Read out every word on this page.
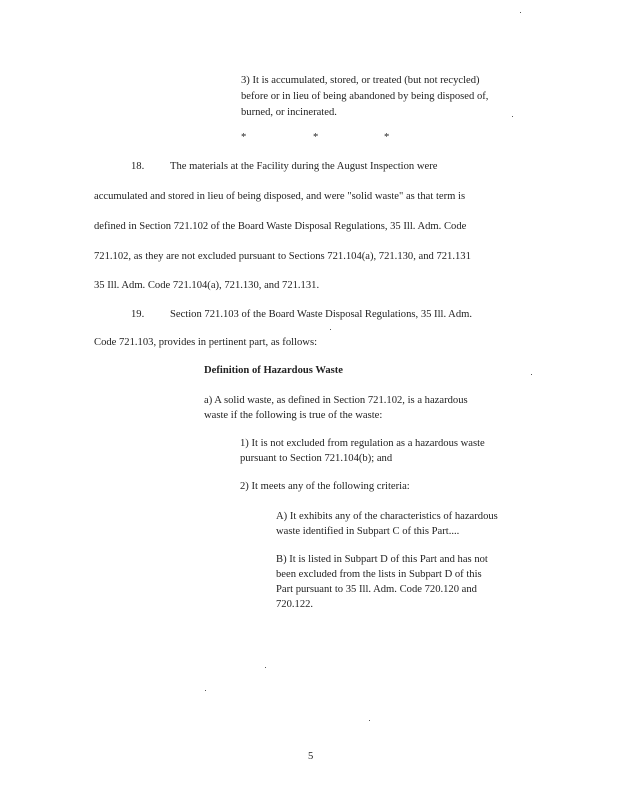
3) It is accumulated, stored, or treated (but not recycled)

before or in lieu of being abandoned by being disposed of,

burned, or incinerated.

*	*	*
18. The materials at the Facility during the August Inspection were
accumulated and stored in lieu of being disposed, and were "solid waste" as that term is
defined in Section 721.102 of the Board Waste Disposal Regulations, 35 Ill. Adm. Code
721.102, as they are not excluded pursuant to Sections 721.104(a), 721.130, and 721.131
35 Ill. Adm. Code 721.104(a), 721.130, and 721.131.
19. Section 721.103 of the Board Waste Disposal Regulations, 35 Ill. Adm.
Code 721.103, provides in pertinent part, as follows:
Definition of Hazardous Waste

a) A solid waste, as defined in Section 721.102, is a hazardous

waste if the following is true of the waste:

1) It is not excluded from regulation as a hazardous waste

pursuant to Section 721.104(b); and

2) It meets any of the following criteria:

A) It exhibits any of the characteristics of hazardous

waste identified in Subpart C of this Part....

B) It is listed in Subpart D of this Part and has not

been excluded from the lists in Subpart D of this

Part pursuant to 35 Ill. Adm. Code 720.120 and

720.122.

5
